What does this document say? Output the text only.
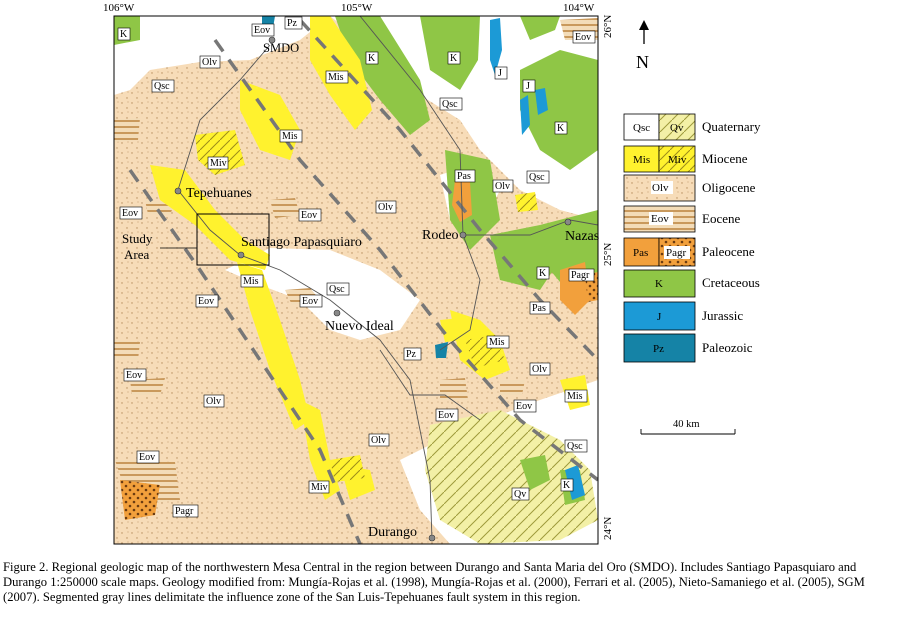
106°W	105°W	104°W
26°N
25°N
24°N
SMDO
Tepehuanes
Santiago Papasquiaro	Rodeo	Nazas
Nuevo Ideal
Durango
Study
Area
Eov
Pz
Olv
Qsc
K
K	K
Eov
J
Mis
Qsc
J
K
Mis
Miv
Pas
Olv
Qsc
Olv
Eov	Eov
K Pagr
Mis
Eov	Eov
Qsc
Pas
Mis
Pz
Eov
Olv
Olv	Mis
Eov
Eov
Olv
Qsc
Eov
Miv	K
Qv
Pagr
N
Qsc Qv Quaternary
Mis Miv Miocene
Olv	Oligocene
Eov	Eocene
Pas Pagr Paleocene
K	Cretaceous
J	Jurassic
Pz	Paleozoic
40 km
Figure 2. Regional geologic map of the northwestern Mesa Central in the region between Durango and Santa Maria del Oro (SMDO). Includes Santiago Papasquiaro and Durango 1:250000 scale maps. Geology modified from: Mungía-Rojas et al. (1998), Mungía-Rojas et al. (2000), Ferrari et al. (2005), Nieto-Samaniego et al. (2005), SGM (2007). Segmented gray lines delimitate the influence zone of the San Luis-Tepehuanes fault system in this region.
